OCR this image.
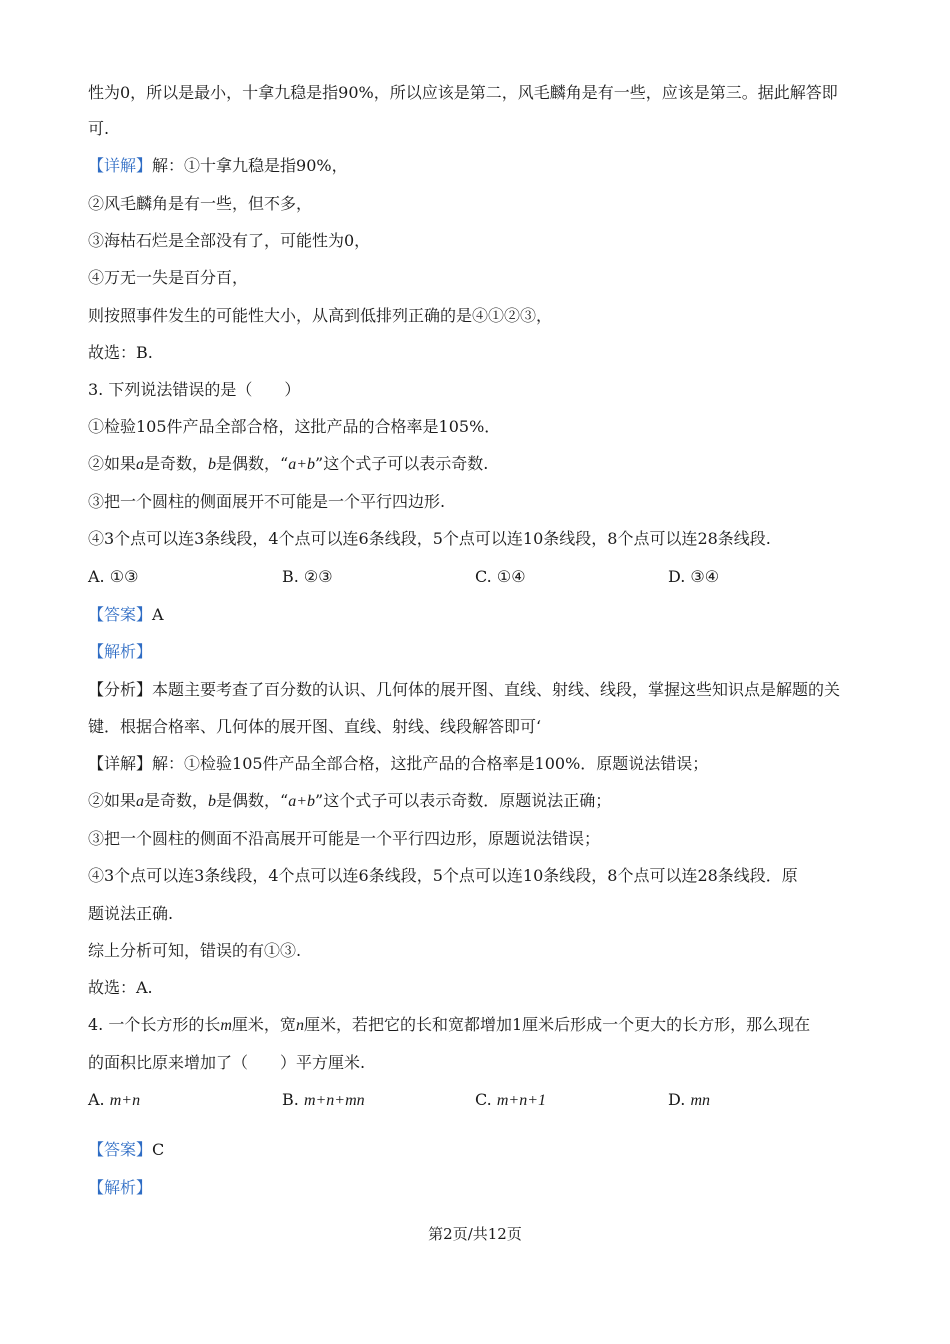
性为0，所以是最小，十拿九稳是指90%，所以应该是第二，风毛麟角是有一些，应该是第三。据此解答即
可.
【详解】解：①十拿九稳是指90%，
②风毛麟角是有一些，但不多，
③海枯石烂是全部没有了，可能性为0，
④万无一失是百分百，
则按照事件发生的可能性大小，从高到低排列正确的是④①②③，
故选：B.
3. 下列说法错误的是（　　）
①检验105件产品全部合格，这批产品的合格率是105%．
②如果a是奇数，b是偶数，“a+b”这个式子可以表示奇数.
③把一个圆柱的侧面展开不可能是一个平行四边形.
④3个点可以连3条线段，4个点可以连6条线段，5个点可以连10条线段，8个点可以连28条线段.
A. ①③	B. ②③	C. ①④	D. ③④
【答案】A
【解析】
【分析】本题主要考查了百分数的认识、几何体的展开图、直线、射线、线段，掌握这些知识点是解题的关
键．根据合格率、几何体的展开图、直线、射线、线段解答即可‘
【详解】解：①检验105件产品全部合格，这批产品的合格率是100%．原题说法错误；
②如果a是奇数，b是偶数，“a+b”这个式子可以表示奇数．原题说法正确；
③把一个圆柱的侧面不沿高展开可能是一个平行四边形，原题说法错误；
④3个点可以连3条线段，4个点可以连6条线段，5个点可以连10条线段，8个点可以连28条线段．原
题说法正确.
综上分析可知，错误的有①③.
故选：A.
4. 一个长方形的长m厘米，宽n厘米，若把它的长和宽都增加1厘米后形成一个更大的长方形，那么现在
的面积比原来增加了（　　）平方厘米.
A. m+n	B. m+n+mn	C. m+n+1	D. mn
【答案】C
【解析】
第2页/共12页
